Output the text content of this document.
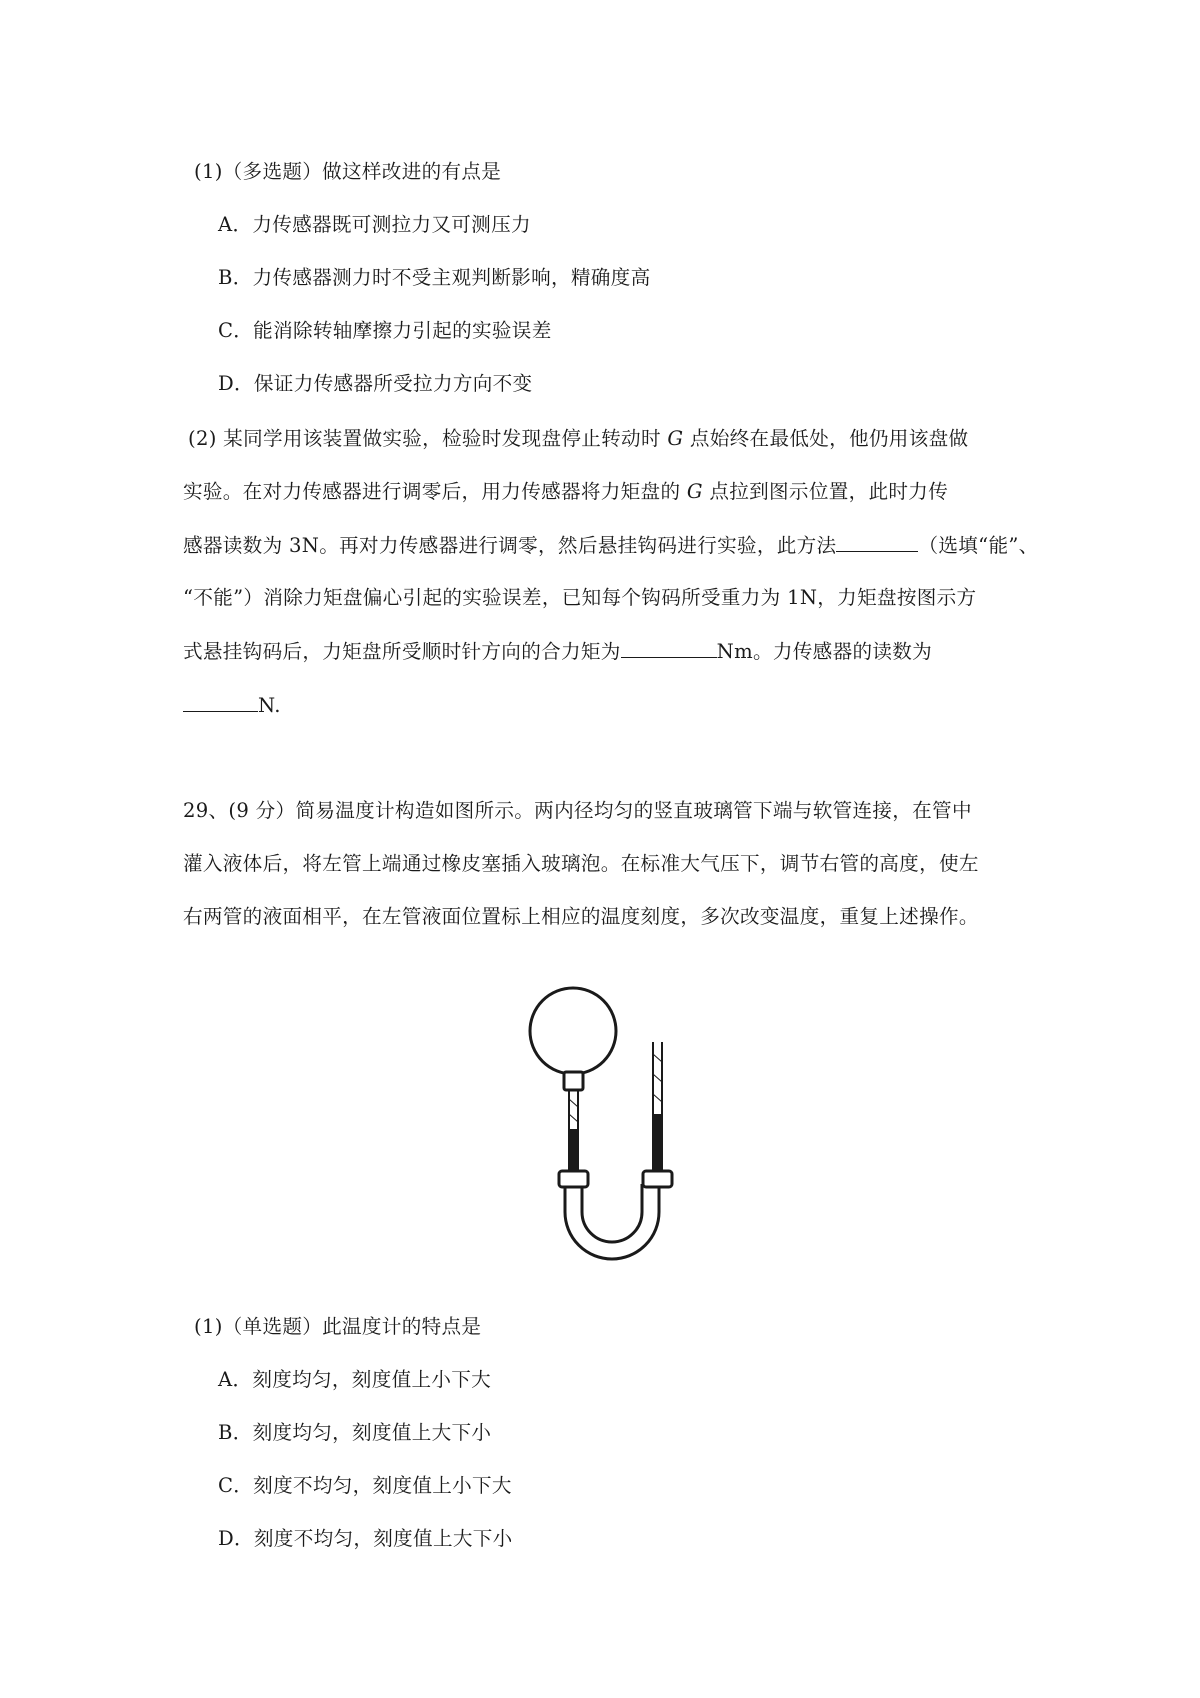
(1)（多选题）做这样改进的有点是
A．力传感器既可测拉力又可测压力
B．力传感器测力时不受主观判断影响，精确度高
C．能消除转轴摩擦力引起的实验误差
D．保证力传感器所受拉力方向不变
(2) 某同学用该装置做实验，检验时发现盘停止转动时 G 点始终在最低处，他仍用该盘做
实验。在对力传感器进行调零后，用力传感器将力矩盘的 G 点拉到图示位置，此时力传
感器读数为 3N。再对力传感器进行调零，然后悬挂钩码进行实验，此方法	（选填“能”、
“不能”）消除力矩盘偏心引起的实验误差，已知每个钩码所受重力为 1N，力矩盘按图示方
式悬挂钩码后，力矩盘所受顺时针方向的合力矩为	Nm。力传感器的读数为
N.
29、(9 分）简易温度计构造如图所示。两内径均匀的竖直玻璃管下端与软管连接，在管中
灌入液体后，将左管上端通过橡皮塞插入玻璃泡。在标准大气压下，调节右管的高度，使左
右两管的液面相平，在左管液面位置标上相应的温度刻度，多次改变温度，重复上述操作。
(1)（单选题）此温度计的特点是
A．刻度均匀，刻度值上小下大
B．刻度均匀，刻度值上大下小
C．刻度不均匀，刻度值上小下大
D．刻度不均匀，刻度值上大下小
